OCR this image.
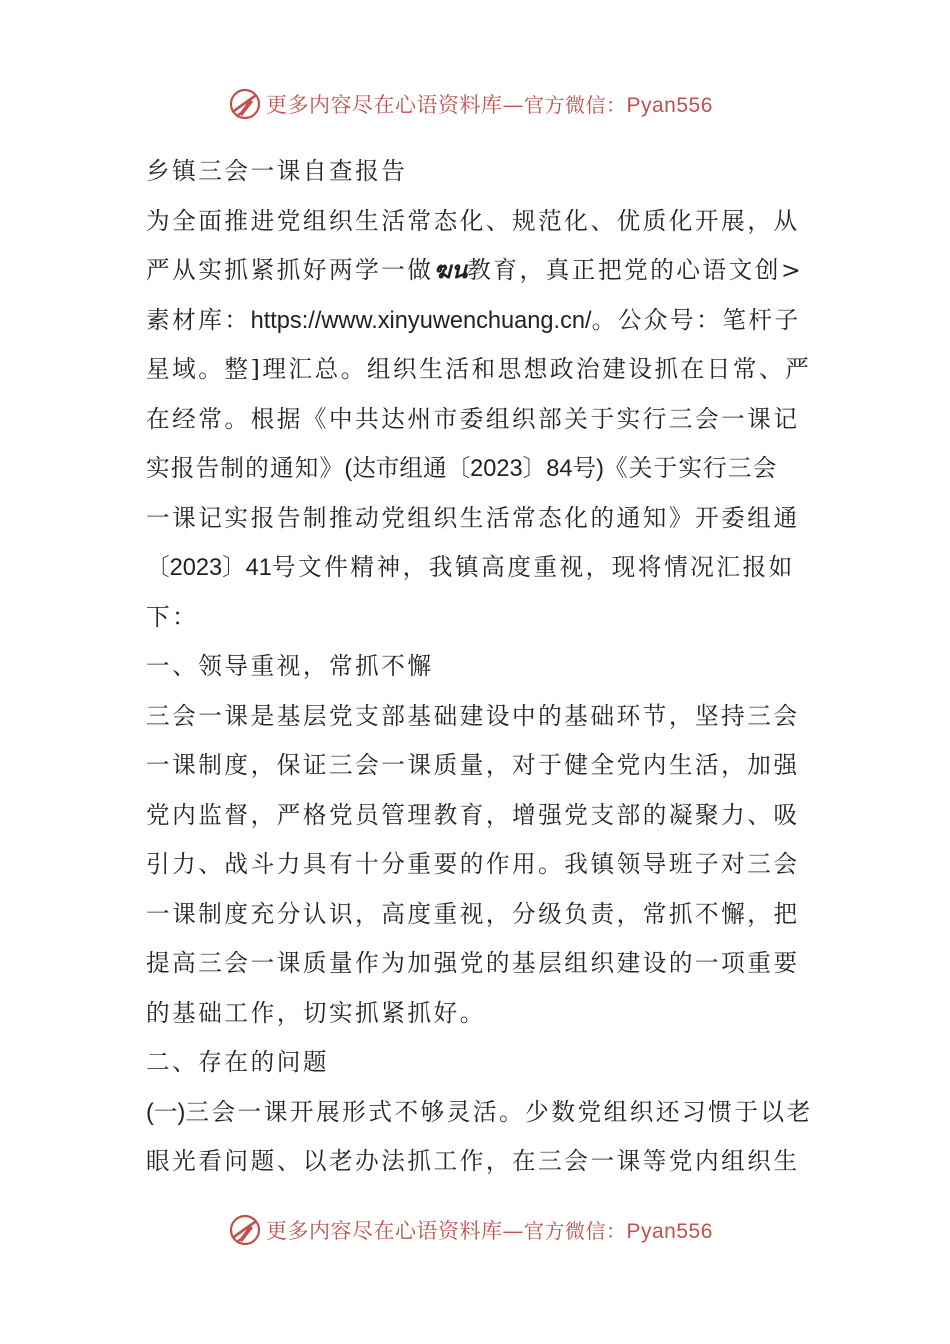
更多内容尽在心语资料库—官方微信：Pyan556
乡镇三会一课自查报告
为全面推进党组织生活常态化、规范化、优质化开展，从
严从实抓紧抓好两学一做ฆน教育，真正把党的心语文创>
素材库：https://www.xinyuwenchuang.cn/。公众号：笔杆子
星域。整]理汇总。组织生活和思想政治建设抓在日常、严
在经常。根据《中共达州市委组织部关于实行三会一课记
实报告制的通知》(达市组通〔2023〕84号)《关于实行三会
一课记实报告制推动党组织生活常态化的通知》开委组通
〔2023〕41号文件精神，我镇高度重视，现将情况汇报如
下：
一、领导重视，常抓不懈
三会一课是基层党支部基础建设中的基础环节，坚持三会
一课制度，保证三会一课质量，对于健全党内生活，加强
党内监督，严格党员管理教育，增强党支部的凝聚力、吸
引力、战斗力具有十分重要的作用。我镇领导班子对三会
一课制度充分认识，高度重视，分级负责，常抓不懈，把
提高三会一课质量作为加强党的基层组织建设的一项重要
的基础工作，切实抓紧抓好。
二、存在的问题
(一)三会一课开展形式不够灵活。少数党组织还习惯于以老
眼光看问题、以老办法抓工作，在三会一课等党内组织生
更多内容尽在心语资料库—官方微信：Pyan556
